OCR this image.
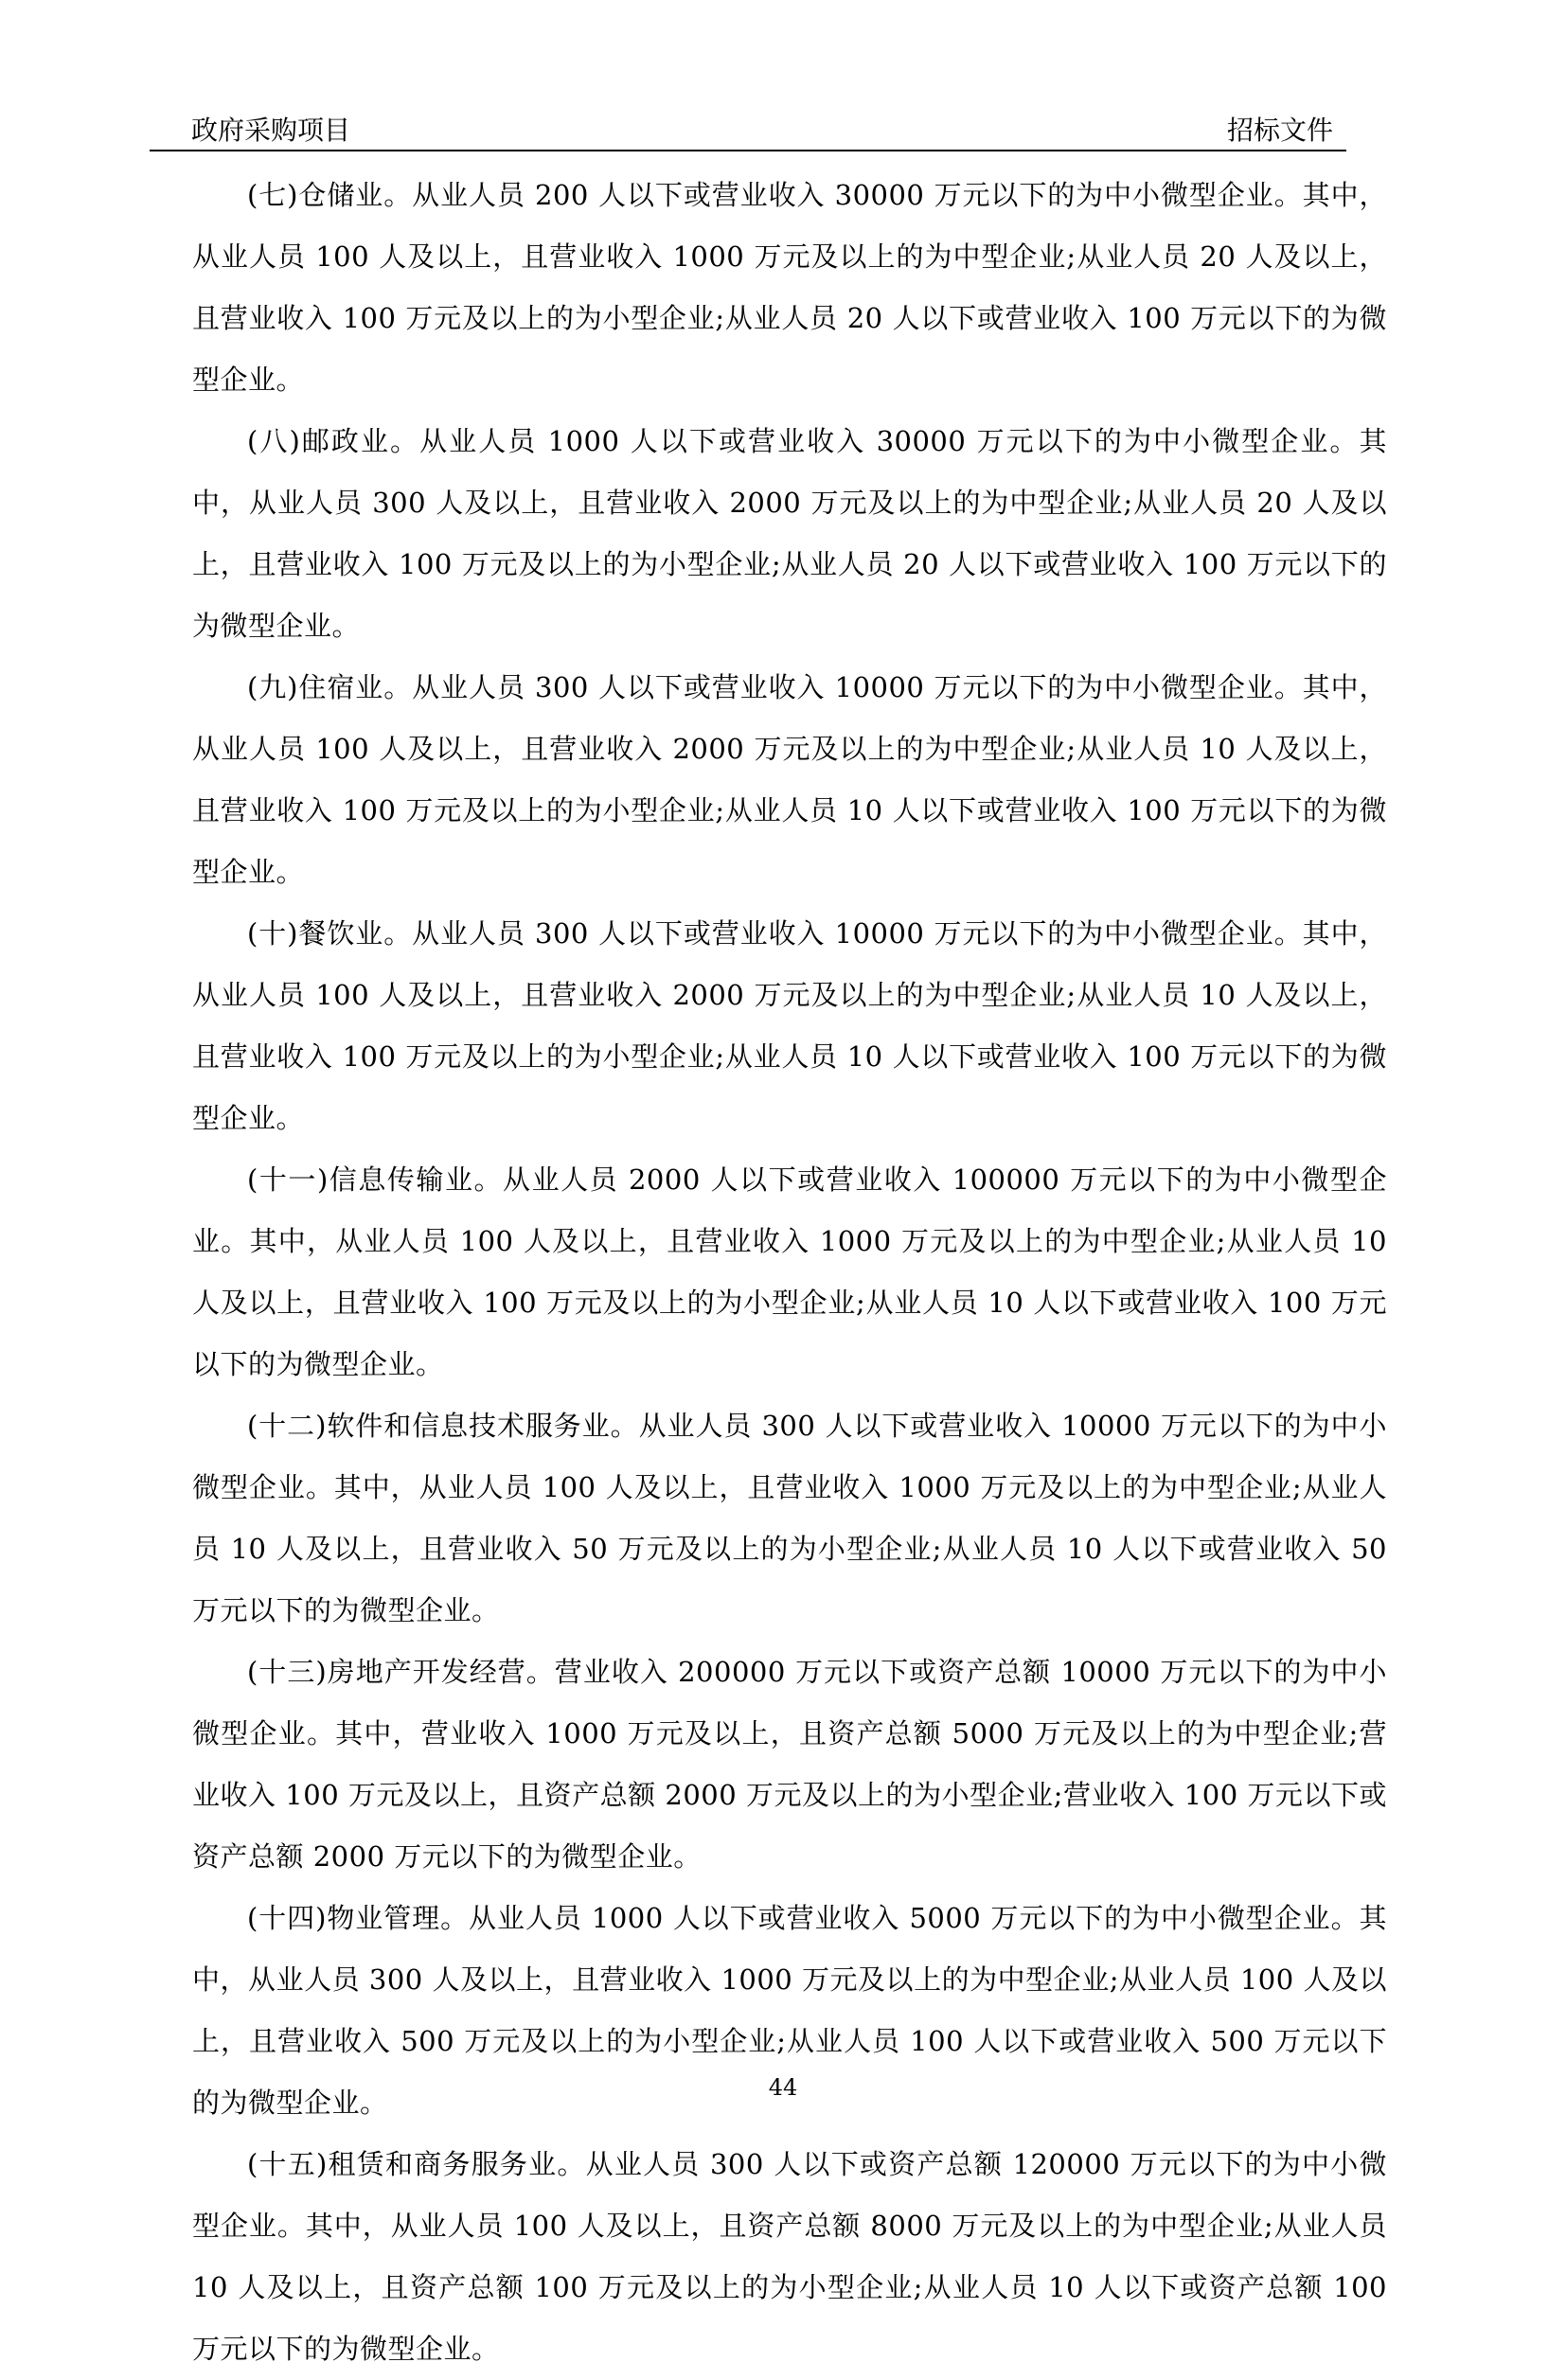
政府采购项目	招标文件

(七)仓储业。从业人员 200 人以下或营业收入 30000 万元以下的为中小微型企业。其中，从业人员 100 人及以上，且营业收入 1000 万元及以上的为中型企业;从业人员 20 人及以上，且营业收入 100 万元及以上的为小型企业;从业人员 20 人以下或营业收入 100 万元以下的为微型企业。

(八)邮政业。从业人员 1000 人以下或营业收入 30000 万元以下的为中小微型企业。其中，从业人员 300 人及以上，且营业收入 2000 万元及以上的为中型企业;从业人员 20 人及以上，且营业收入 100 万元及以上的为小型企业;从业人员 20 人以下或营业收入 100 万元以下的为微型企业。

(九)住宿业。从业人员 300 人以下或营业收入 10000 万元以下的为中小微型企业。其中，从业人员 100 人及以上，且营业收入 2000 万元及以上的为中型企业;从业人员 10 人及以上，且营业收入 100 万元及以上的为小型企业;从业人员 10 人以下或营业收入 100 万元以下的为微型企业。

(十)餐饮业。从业人员 300 人以下或营业收入 10000 万元以下的为中小微型企业。其中，从业人员 100 人及以上，且营业收入 2000 万元及以上的为中型企业;从业人员 10 人及以上，且营业收入 100 万元及以上的为小型企业;从业人员 10 人以下或营业收入 100 万元以下的为微型企业。

(十一)信息传输业。从业人员 2000 人以下或营业收入 100000 万元以下的为中小微型企业。其中，从业人员 100 人及以上，且营业收入 1000 万元及以上的为中型企业;从业人员 10 人及以上，且营业收入 100 万元及以上的为小型企业;从业人员 10 人以下或营业收入 100 万元以下的为微型企业。

(十二)软件和信息技术服务业。从业人员 300 人以下或营业收入 10000 万元以下的为中小微型企业。其中，从业人员 100 人及以上，且营业收入 1000 万元及以上的为中型企业;从业人员 10 人及以上，且营业收入 50 万元及以上的为小型企业;从业人员 10 人以下或营业收入 50 万元以下的为微型企业。

(十三)房地产开发经营。营业收入 200000 万元以下或资产总额 10000 万元以下的为中小微型企业。其中，营业收入 1000 万元及以上，且资产总额 5000 万元及以上的为中型企业;营业收入 100 万元及以上，且资产总额 2000 万元及以上的为小型企业;营业收入 100 万元以下或资产总额 2000 万元以下的为微型企业。

(十四)物业管理。从业人员 1000 人以下或营业收入 5000 万元以下的为中小微型企业。其中，从业人员 300 人及以上，且营业收入 1000 万元及以上的为中型企业;从业人员 100 人及以上，且营业收入 500 万元及以上的为小型企业;从业人员 100 人以下或营业收入 500 万元以下的为微型企业。

(十五)租赁和商务服务业。从业人员 300 人以下或资产总额 120000 万元以下的为中小微型企业。其中，从业人员 100 人及以上，且资产总额 8000 万元及以上的为中型企业;从业人员 10 人及以上，且资产总额 100 万元及以上的为小型企业;从业人员 10 人以下或资产总额 100 万元以下的为微型企业。

44
